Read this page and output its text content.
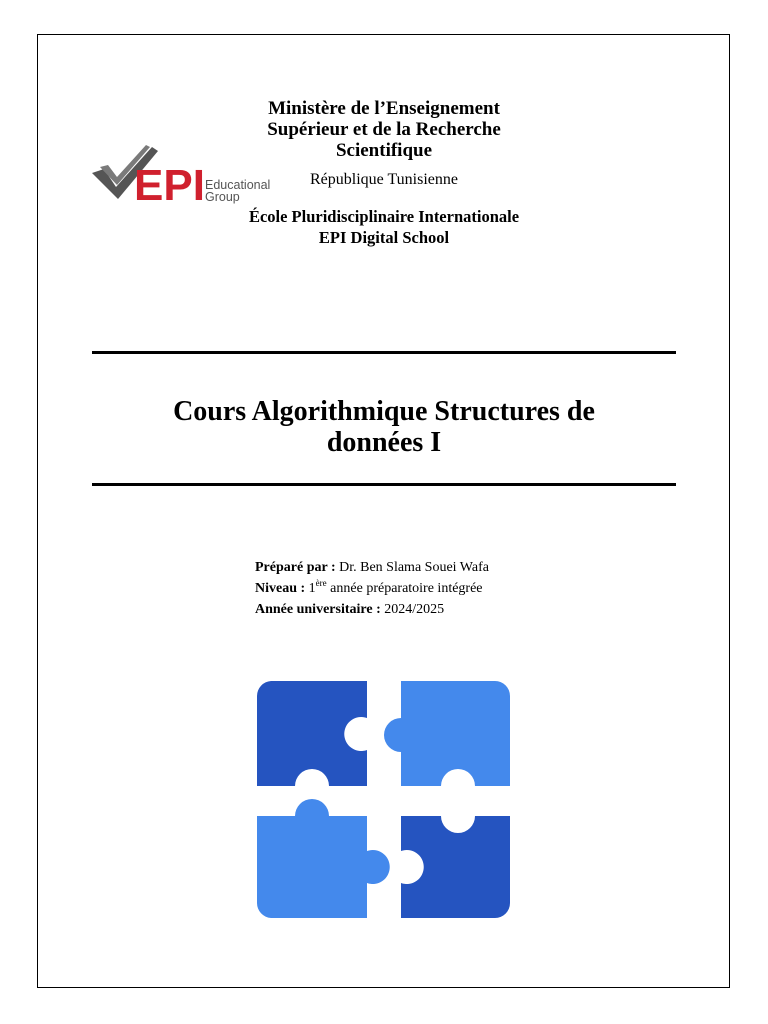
Ministère de l’Enseignement
Supérieur et de la Recherche
Scientifique
EPI Educational
Group
République Tunisienne
École Pluridisciplinaire Internationale
EPI Digital School
Cours Algorithmique Structures de
données I
Préparé par : Dr. Ben Slama Souei Wafa
Niveau : 1ère année préparatoire intégrée
Année universitaire : 2024/2025
